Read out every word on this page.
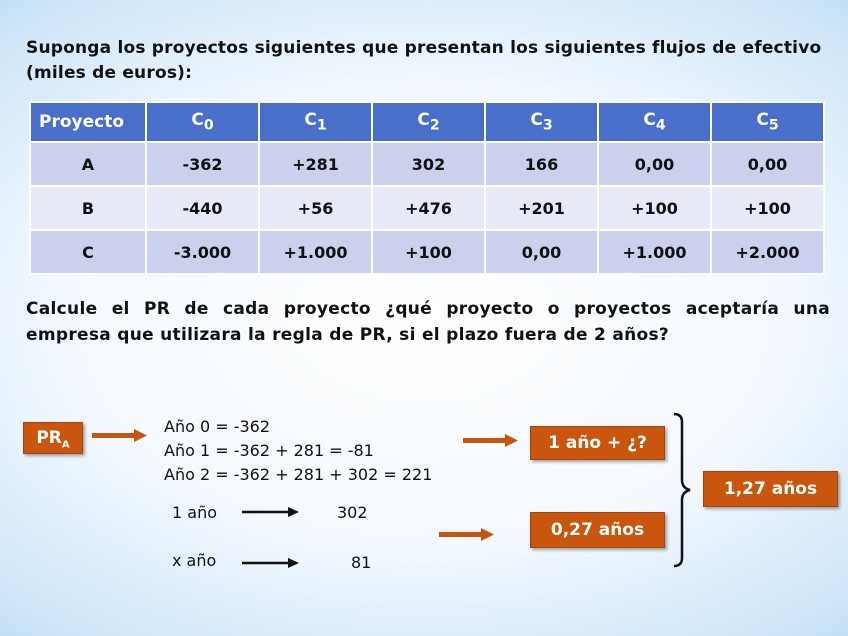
Suponga los proyectos siguientes que presentan los siguientes flujos de efectivo (miles de euros):
Proyecto	$C_0$	$C_1$	$C_2$	$C_3$	$C_4$	$C_5$
A	-362	+281	302	166	0,00	0,00
B	-440	+56	+476	+201	+100	+100
C	-3.000	+1.000	+100	0,00	+1.000	+2.000
Calcule el PR de cada proyecto ¿qué proyecto o proyectos aceptaría una empresa que utilizara la regla de PR, si el plazo fuera de 2 años?
$PR_A$
Año 0 = -362
Año 1 = -362 + 281 = -81
Año 2 = -362 + 281 + 302 = 221
1 año + ¿?
1 año	302
x año	81
0,27 años
1,27 años
